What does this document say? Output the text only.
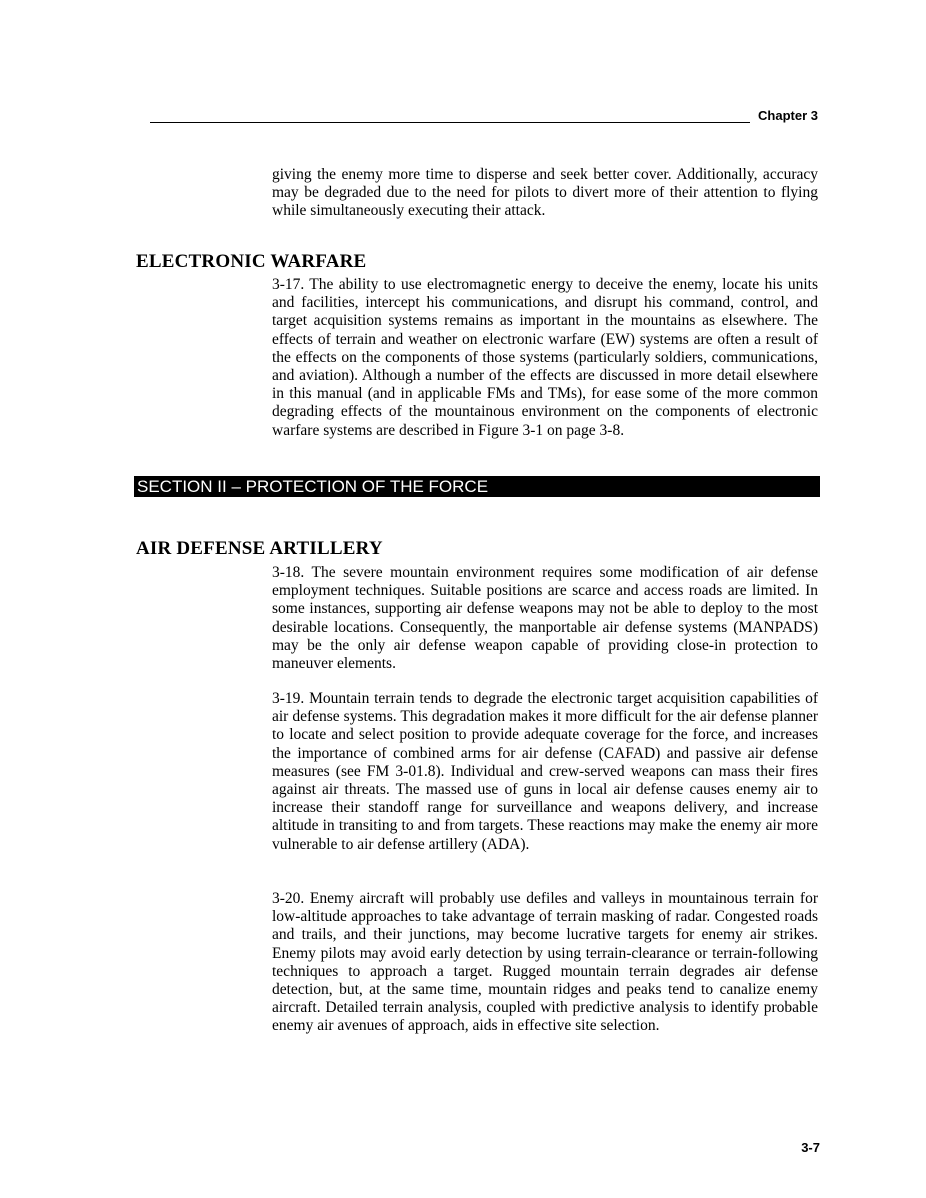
Chapter 3

giving the enemy more time to disperse and seek better cover. Additionally, accuracy may be degraded due to the need for pilots to divert more of their attention to flying while simultaneously executing their attack.

ELECTRONIC WARFARE

3-17. The ability to use electromagnetic energy to deceive the enemy, locate his units and facilities, intercept his communications, and disrupt his command, control, and target acquisition systems remains as important in the mountains as elsewhere. The effects of terrain and weather on electronic warfare (EW) systems are often a result of the effects on the components of those systems (particularly soldiers, communications, and aviation). Although a number of the effects are discussed in more detail elsewhere in this manual (and in applicable FMs and TMs), for ease some of the more common degrading effects of the mountainous environment on the components of electronic warfare systems are described in Figure 3-1 on page 3-8.

SECTION II – PROTECTION OF THE FORCE
AIR DEFENSE ARTILLERY

3-18. The severe mountain environment requires some modification of air defense employment techniques. Suitable positions are scarce and access roads are limited. In some instances, supporting air defense weapons may not be able to deploy to the most desirable locations. Consequently, the manportable air defense systems (MANPADS) may be the only air defense weapon capable of providing close-in protection to maneuver elements.

3-19. Mountain terrain tends to degrade the electronic target acquisition capabilities of air defense systems. This degradation makes it more difficult for the air defense planner to locate and select position to provide adequate coverage for the force, and increases the importance of combined arms for air defense (CAFAD) and passive air defense measures (see FM 3-01.8). Individual and crew-served weapons can mass their fires against air threats. The massed use of guns in local air defense causes enemy air to increase their standoff range for surveillance and weapons delivery, and increase altitude in transiting to and from targets. These reactions may make the enemy air more vulnerable to air defense artillery (ADA).

3-20. Enemy aircraft will probably use defiles and valleys in mountainous terrain for low-altitude approaches to take advantage of terrain masking of radar. Congested roads and trails, and their junctions, may become lucrative targets for enemy air strikes. Enemy pilots may avoid early detection by using terrain-clearance or terrain-following techniques to approach a target. Rugged mountain terrain degrades air defense detection, but, at the same time, mountain ridges and peaks tend to canalize enemy aircraft. Detailed terrain analysis, coupled with predictive analysis to identify probable enemy air avenues of approach, aids in effective site selection.

3-7
